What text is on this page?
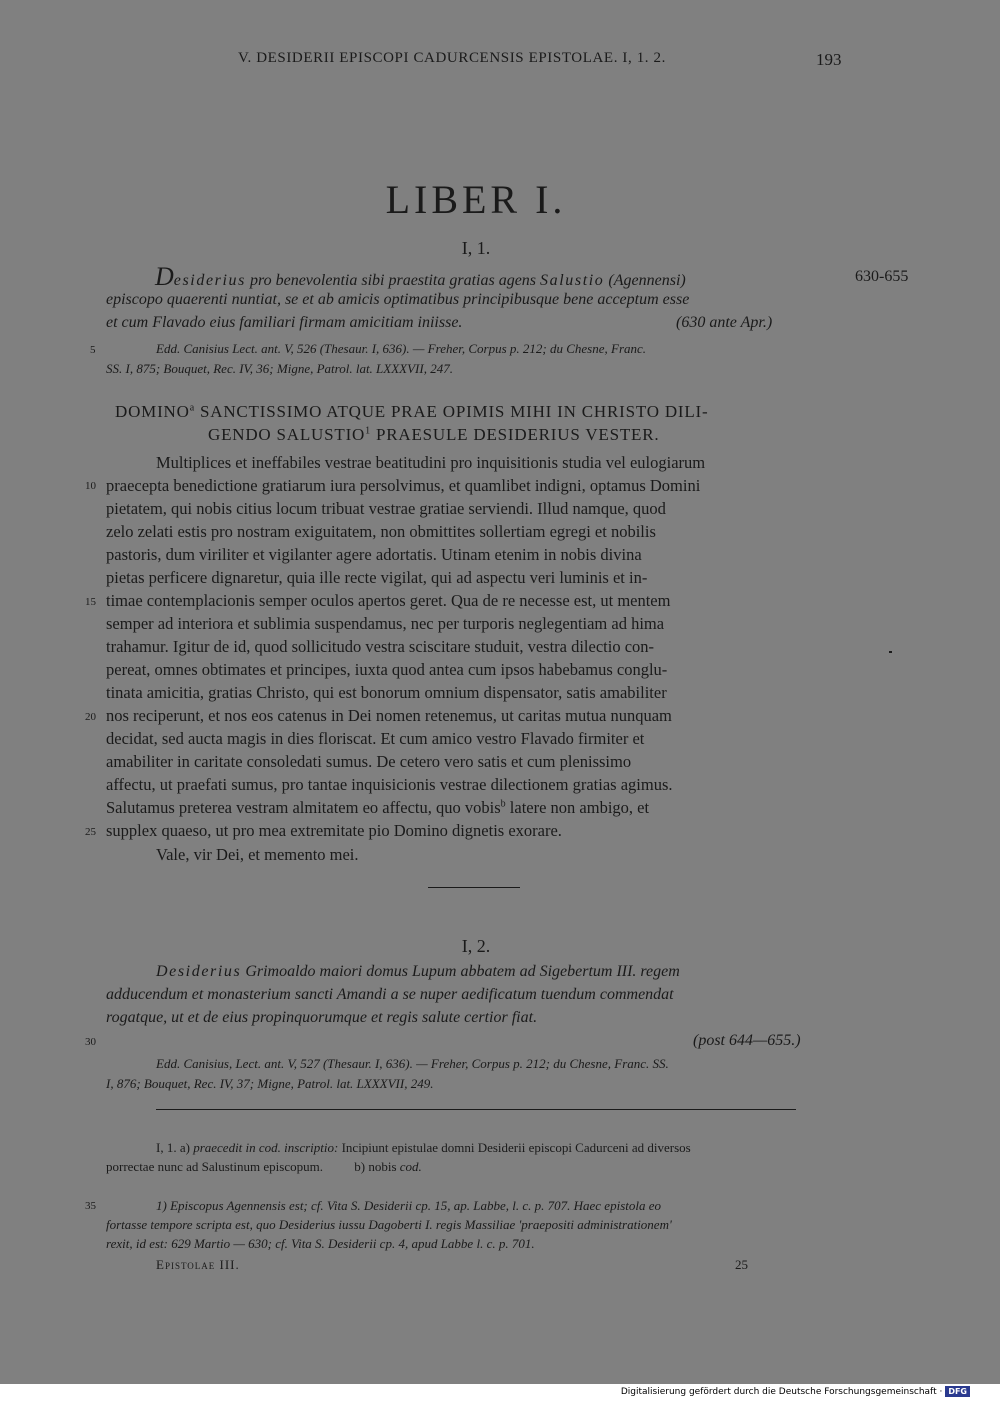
V. DESIDERII EPISCOPI CADURCENSIS EPISTOLAE. I, 1. 2.	193
LIBER I.
I, 1.
Desiderius pro benevolentia sibi praestita gratias agens Salustio (Agennensi)	630-655
episcopo quaerenti nuntiat, se et ab amicis optimatibus principibusque bene acceptum esse
et cum Flavado eius familiari firmam amicitiam iniisse.	(630 ante Apr.)
5	Edd. Canisius Lect. ant. V, 526 (Thesaur. I, 636). — Freher, Corpus p. 212; du Chesne, Franc.
SS. I, 875; Bouquet, Rec. IV, 36; Migne, Patrol. lat. LXXXVII, 247.
DOMINO$^a$ SANCTISSIMO ATQUE PRAE OPIMIS MIHI IN CHRISTO DILI-
GENDO SALUSTIO$^1$ PRAESULE DESIDERIUS VESTER.
Multiplices et ineffabiles vestrae beatitudini pro inquisitionis studia vel eulogiarum
10 praecepta benedictione gratiarum iura persolvimus, et quamlibet indigni, optamus Domini
pietatem, qui nobis citius locum tribuat vestrae gratiae serviendi. Illud namque, quod
zelo zelati estis pro nostram exiguitatem, non obmittites sollertiam egregi et nobilis
pastoris, dum viriliter et vigilanter agere adortatis. Utinam etenim in nobis divina
pietas perficere dignaretur, quia ille recte vigilat, qui ad aspectu veri luminis et in-
15 timae contemplacionis semper oculos apertos geret. Qua de re necesse est, ut mentem
semper ad interiora et sublimia suspendamus, nec per turporis neglegentiam ad hima
trahamur. Igitur de id, quod sollicitudo vestra sciscitare studuit, vestra dilectio con-
pereat, omnes obtimates et principes, iuxta quod antea cum ipsos habebamus conglu-
tinata amicitia, gratias Christo, qui est bonorum omnium dispensator, satis amabiliter
20 nos reciperunt, et nos eos catenus in Dei nomen retenemus, ut caritas mutua nunquam
decidat, sed aucta magis in dies floriscat. Et cum amico vestro Flavado firmiter et
amabiliter in caritate consoledati sumus. De cetero vero satis et cum plenissimo
affectu, ut praefati sumus, pro tantae inquisicionis vestrae dilectionem gratias agimus.
Salutamus preterea vestram almitatem eo affectu, quo vobis$^b$ latere non ambigo, et
25 supplex quaeso, ut pro mea extremitate pio Domino dignetis exorare.
Vale, vir Dei, et memento mei.
I, 2.
Desiderius Grimoaldo maiori domus Lupum abbatem ad Sigebertum III. regem
adducendum et monasterium sancti Amandi a se nuper aedificatum tuendum commendat
rogatque, ut et de eius propinquorumque et regis salute certior fiat.
30	(post 644—655.)
Edd. Canisius, Lect. ant. V, 527 (Thesaur. I, 636). — Freher, Corpus p. 212; du Chesne, Franc. SS.
I, 876; Bouquet, Rec. IV, 37; Migne, Patrol. lat. LXXXVII, 249.
I, 1. a) praecedit in cod. inscriptio: Incipiunt epistulae domni Desiderii episcopi Cadurceni ad diversos
porrectae nunc ad Salustinum episcopum. b) nobis cod.
35	1) Episcopus Agennensis est; cf. Vita S. Desiderii cp. 15, ap. Labbe, l. c. p. 707. Haec epistola eo
fortasse tempore scripta est, quo Desiderius iussu Dagoberti I. regis Massiliae 'praepositi administrationem'
rexit, id est: 629 Martio — 630; cf. Vita S. Desiderii cp. 4, apud Labbe l. c. p. 701.
Epistolae III.	25
Digitalisierung gefördert durch die Deutsche Forschungsgemeinschaft · DFG
